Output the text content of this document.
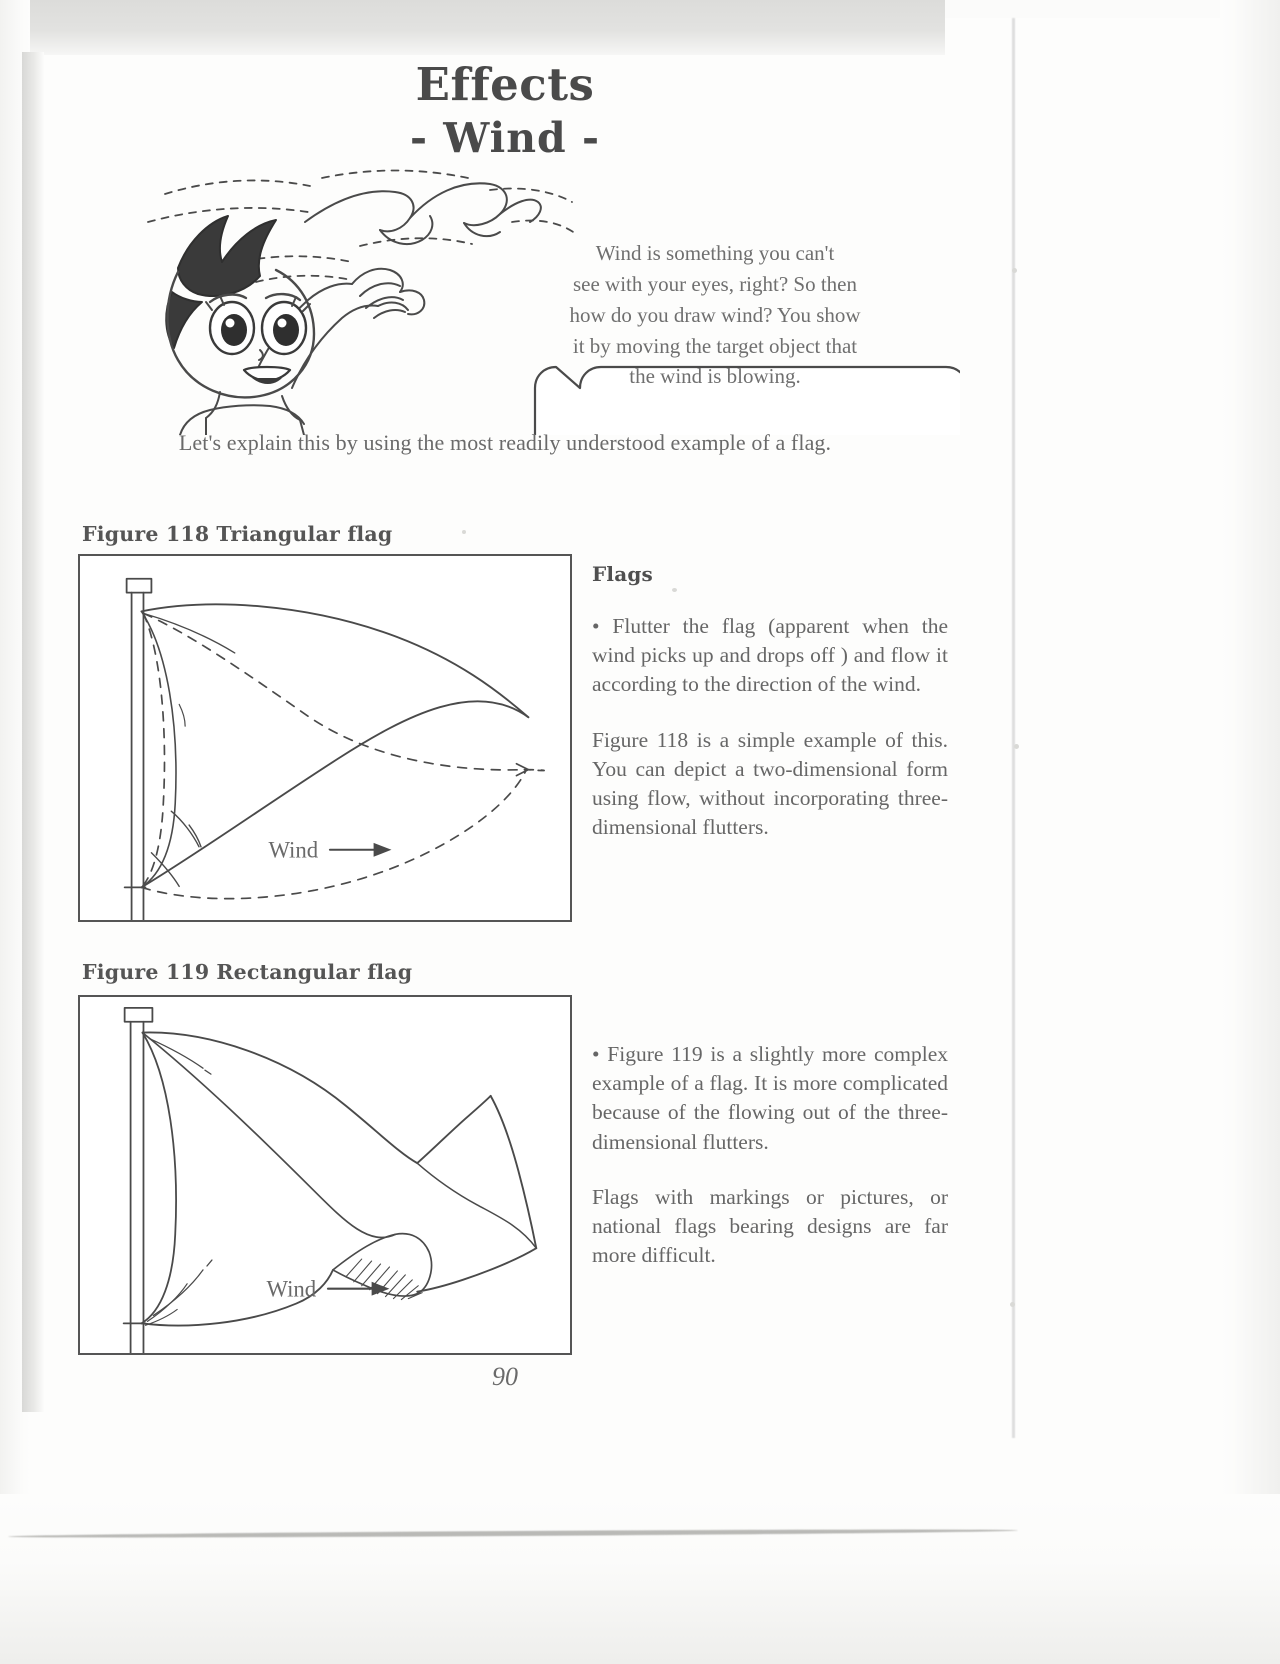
Effects
- Wind -
Wind is something you can't
see with your eyes, right? So then
how do you draw wind? You show
it by moving the target object that
the wind is blowing.
Let's explain this by using the most readily understood example of a flag.
Figure 118 Triangular flag
Wind
Figure 119 Rectangular flag
Wind
Flags

• Flutter the flag (apparent when the wind picks up and drops off ) and flow it according to the direction of the wind.

Figure 118 is a simple example of this. You can depict a two-dimensional form using flow, without incorporating three-dimensional flutters.

• Figure 119 is a slightly more complex example of a flag. It is more complicated because of the flowing out of the three-dimensional flutters.

Flags with markings or pictures, or national flags bearing designs are far more difficult.

90
